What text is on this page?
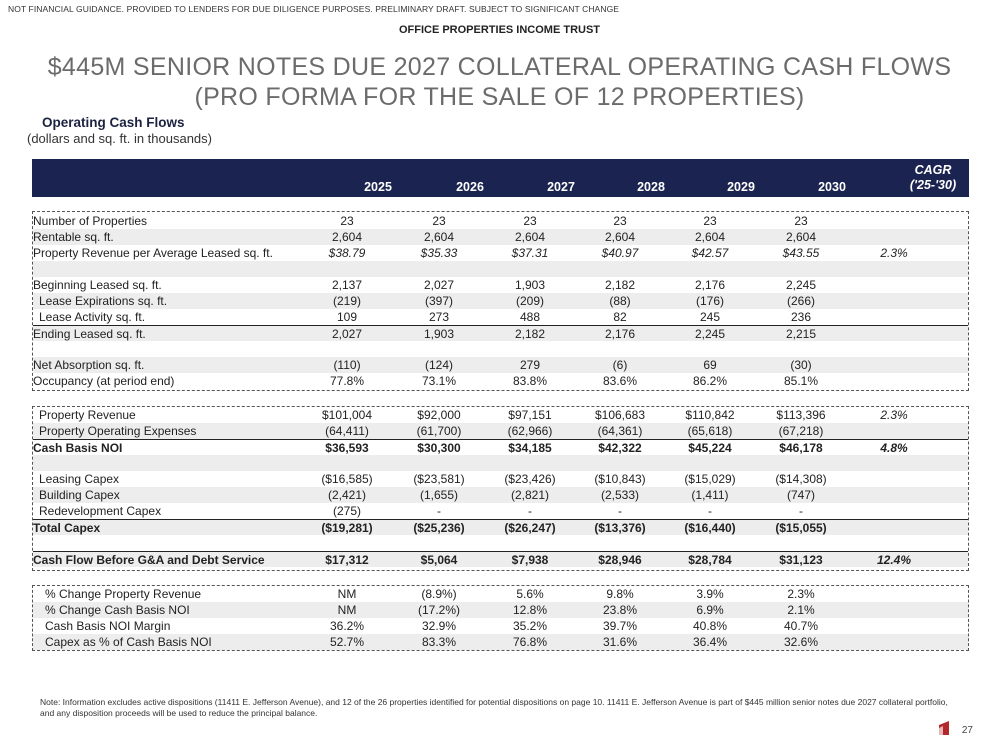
NOT FINANCIAL GUIDANCE. PROVIDED TO LENDERS FOR DUE DILIGENCE PURPOSES. PRELIMINARY DRAFT. SUBJECT TO SIGNIFICANT CHANGE
OFFICE PROPERTIES INCOME TRUST
$445M SENIOR NOTES DUE 2027 COLLATERAL OPERATING CASH FLOWS
(PRO FORMA FOR THE SALE OF 12 PROPERTIES)
Operating Cash Flows
(dollars and sq. ft. in thousands)
2025	2026	2027	2028	2029	2030
CAGR
('25-'30)
Number of Properties	23	23	23	23	23	23
Rentable sq. ft.	2,604	2,604	2,604	2,604	2,604	2,604
Property Revenue per Average Leased sq. ft.	$38.79	$35.33	$37.31	$40.97	$42.57	$43.55	2.3%
Beginning Leased sq. ft.	2,137	2,027	1,903	2,182	2,176	2,245
Lease Expirations sq. ft.	(219)	(397)	(209)	(88)	(176)	(266)
Lease Activity sq. ft.	109	273	488	82	245	236
Ending Leased sq. ft.	2,027	1,903	2,182	2,176	2,245	2,215
Net Absorption sq. ft.	(110)	(124)	279	(6)	69	(30)
Occupancy (at period end)	77.8%	73.1%	83.8%	83.6%	86.2%	85.1%
Property Revenue	$101,004	$92,000	$97,151	$106,683	$110,842	$113,396	2.3%
Property Operating Expenses	(64,411)	(61,700)	(62,966)	(64,361)	(65,618)	(67,218)
Cash Basis NOI	$36,593	$30,300	$34,185	$42,322	$45,224	$46,178	4.8%
Leasing Capex	($16,585)	($23,581)	($23,426)	($10,843)	($15,029)	($14,308)
Building Capex	(2,421)	(1,655)	(2,821)	(2,533)	(1,411)	(747)
Redevelopment Capex	(275)	-	-	-	-	-
Total Capex	($19,281)	($25,236)	($26,247)	($13,376)	($16,440)	($15,055)
Cash Flow Before G&A and Debt Service	$17,312	$5,064	$7,938	$28,946	$28,784	$31,123	12.4%
% Change Property Revenue	NM	(8.9%)	5.6%	9.8%	3.9%	2.3%
% Change Cash Basis NOI	NM	(17.2%)	12.8%	23.8%	6.9%	2.1%
Cash Basis NOI Margin	36.2%	32.9%	35.2%	39.7%	40.8%	40.7%
Capex as % of Cash Basis NOI	52.7%	83.3%	76.8%	31.6%	36.4%	32.6%
Note: Information excludes active dispositions (11411 E. Jefferson Avenue), and 12 of the 26 properties identified for potential dispositions on page 10. 11411 E. Jefferson Avenue is part of $445 million senior notes due 2027 collateral portfolio, and any disposition proceeds will be used to reduce the principal balance.
27
